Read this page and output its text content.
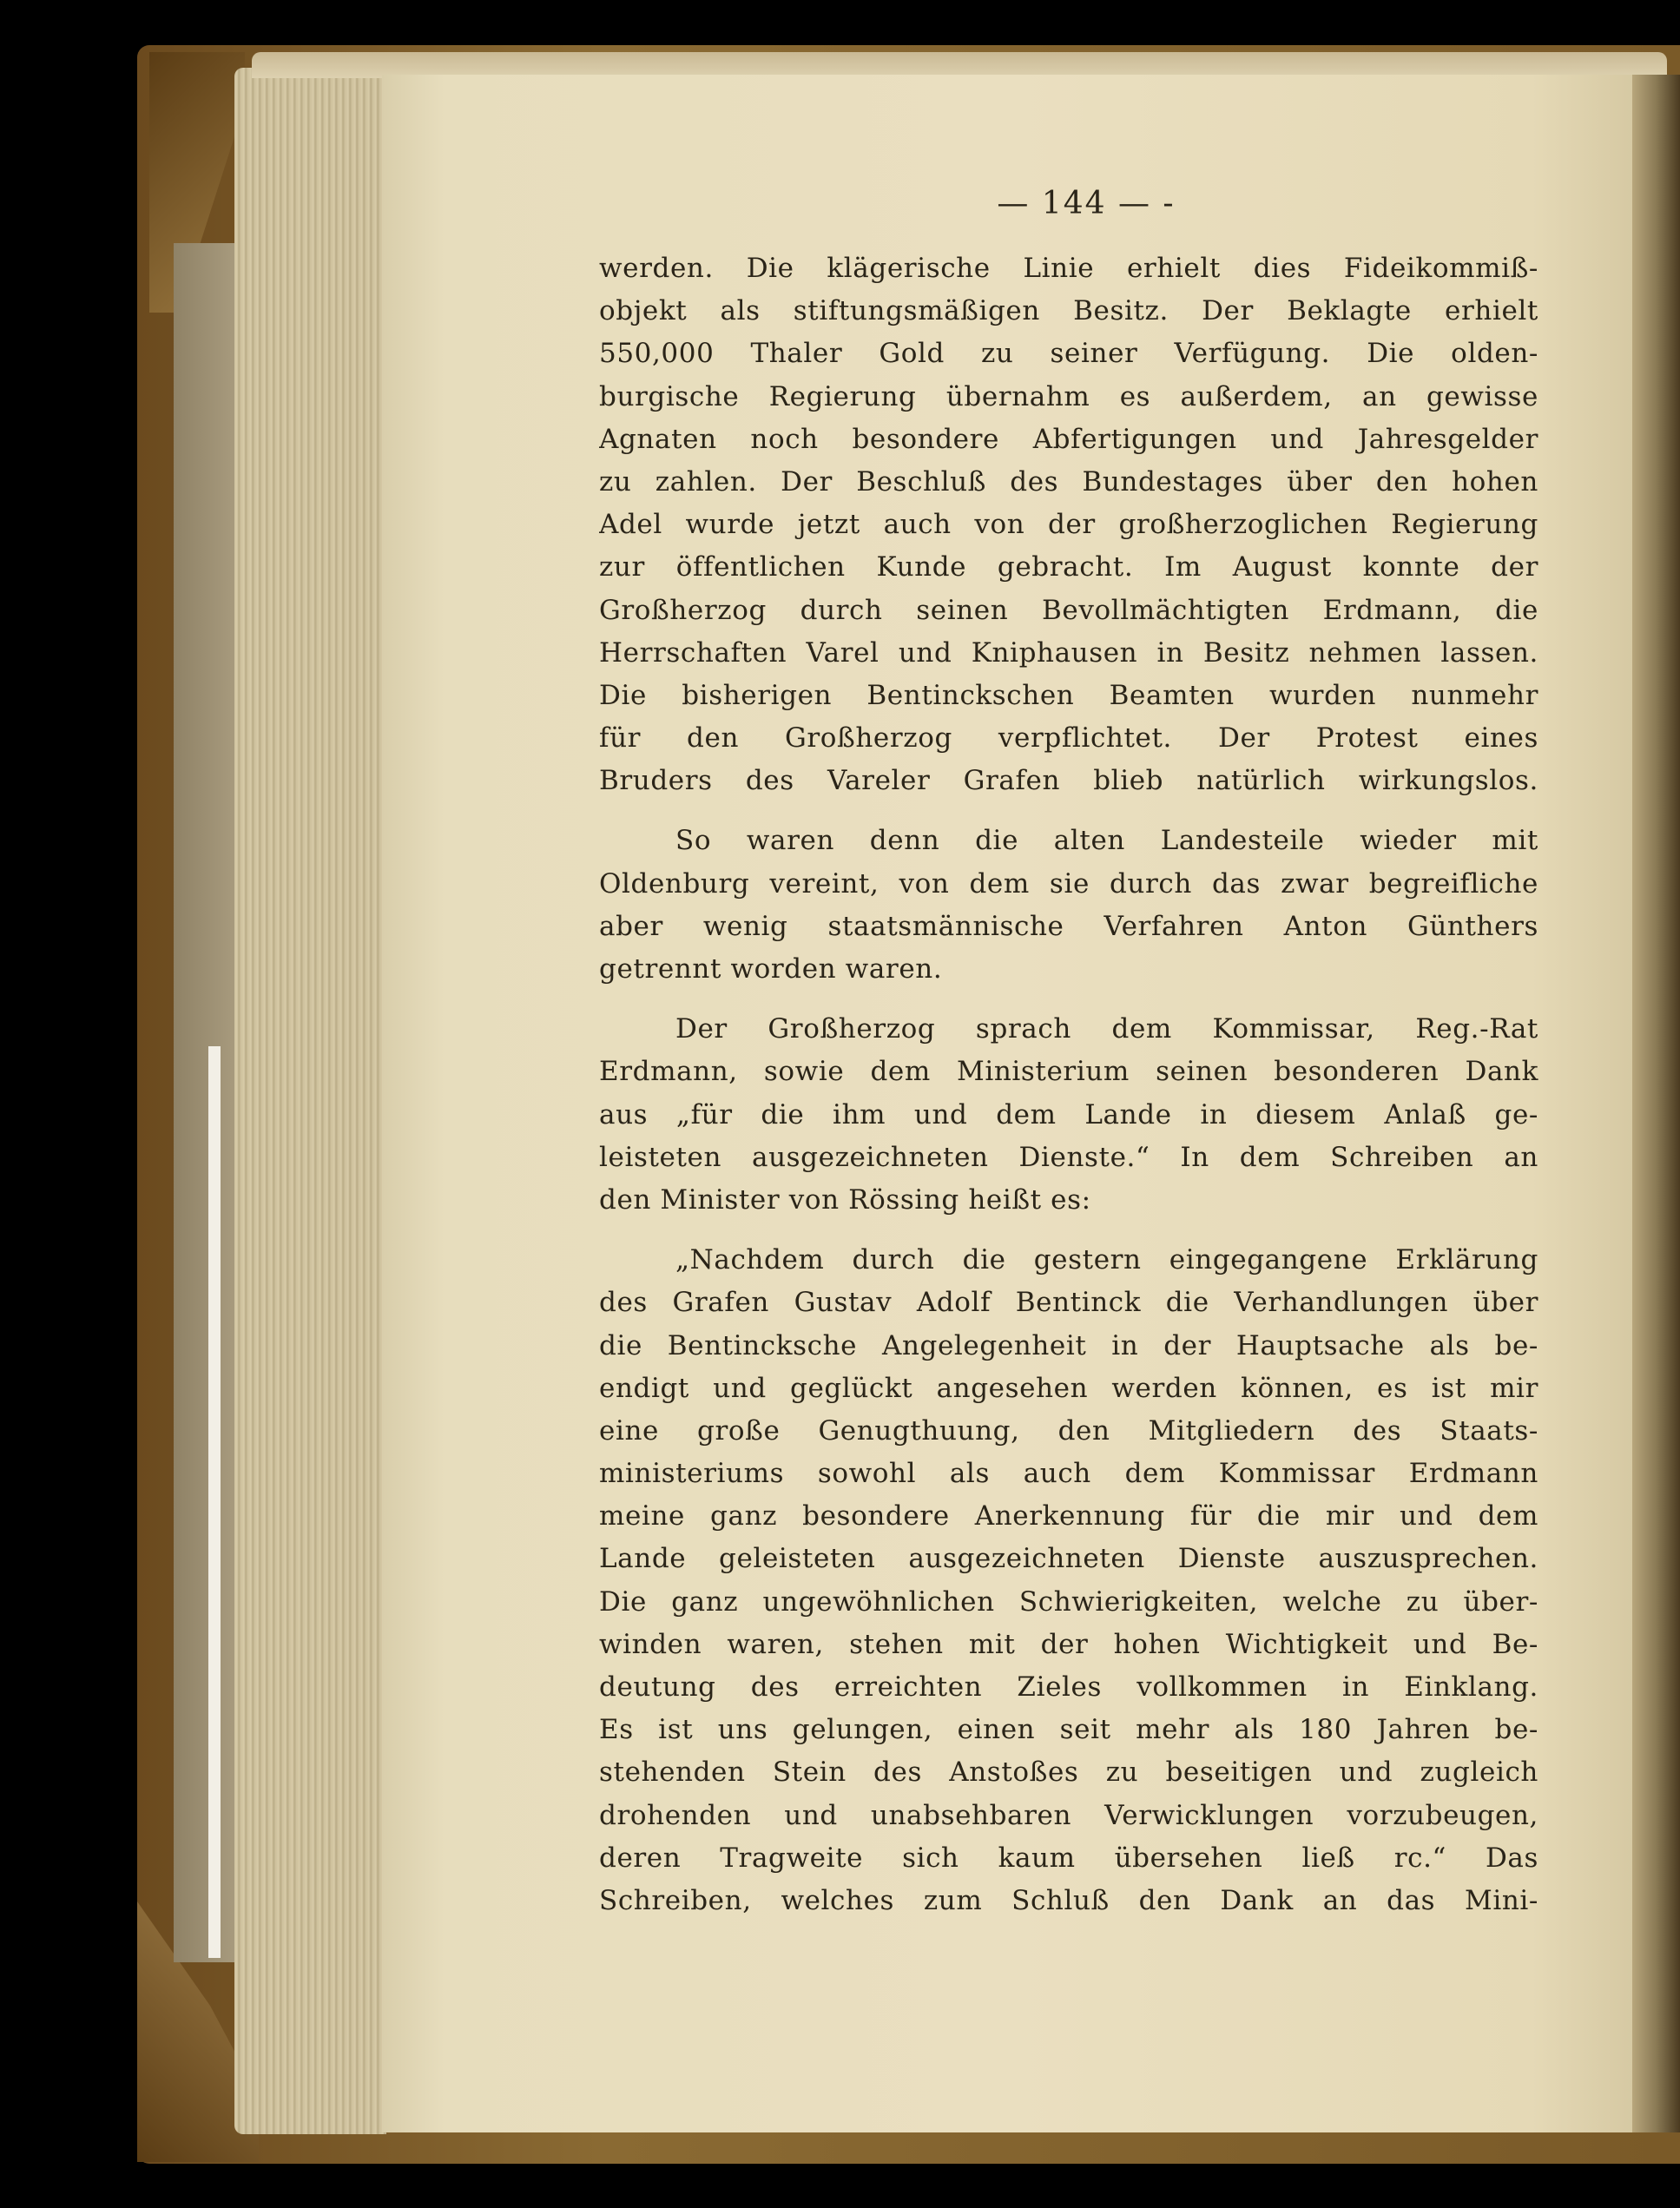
— 144 — -
werden. Die klägerische Linie erhielt dies Fideikommiß-
objekt als stiftungsmäßigen Besitz. Der Beklagte erhielt
550,000 Thaler Gold zu seiner Verfügung. Die olden-
burgische Regierung übernahm es außerdem, an gewisse
Agnaten noch besondere Abfertigungen und Jahresgelder
zu zahlen. Der Beschluß des Bundestages über den hohen
Adel wurde jetzt auch von der großherzoglichen Regierung
zur öffentlichen Kunde gebracht. Im August konnte der
Großherzog durch seinen Bevollmächtigten Erdmann, die
Herrschaften Varel und Kniphausen in Besitz nehmen lassen.
Die bisherigen Bentinckschen Beamten wurden nunmehr
für den Großherzog verpflichtet. Der Protest eines
Bruders des Vareler Grafen blieb natürlich wirkungslos.
So waren denn die alten Landesteile wieder mit
Oldenburg vereint, von dem sie durch das zwar begreifliche
aber wenig staatsmännische Verfahren Anton Günthers
getrennt worden waren.
Der Großherzog sprach dem Kommissar, Reg.-Rat
Erdmann, sowie dem Ministerium seinen besonderen Dank
aus „für die ihm und dem Lande in diesem Anlaß ge-
leisteten ausgezeichneten Dienste.“ In dem Schreiben an
den Minister von Rössing heißt es:
„Nachdem durch die gestern eingegangene Erklärung
des Grafen Gustav Adolf Bentinck die Verhandlungen über
die Bentincksche Angelegenheit in der Hauptsache als be-
endigt und geglückt angesehen werden können, es ist mir
eine große Genugthuung, den Mitgliedern des Staats-
ministeriums sowohl als auch dem Kommissar Erdmann
meine ganz besondere Anerkennung für die mir und dem
Lande geleisteten ausgezeichneten Dienste auszusprechen.
Die ganz ungewöhnlichen Schwierigkeiten, welche zu über-
winden waren, stehen mit der hohen Wichtigkeit und Be-
deutung des erreichten Zieles vollkommen in Einklang.
Es ist uns gelungen, einen seit mehr als 180 Jahren be-
stehenden Stein des Anstoßes zu beseitigen und zugleich
drohenden und unabsehbaren Verwicklungen vorzubeugen,
deren Tragweite sich kaum übersehen ließ rc.“ Das
Schreiben, welches zum Schluß den Dank an das Mini-
